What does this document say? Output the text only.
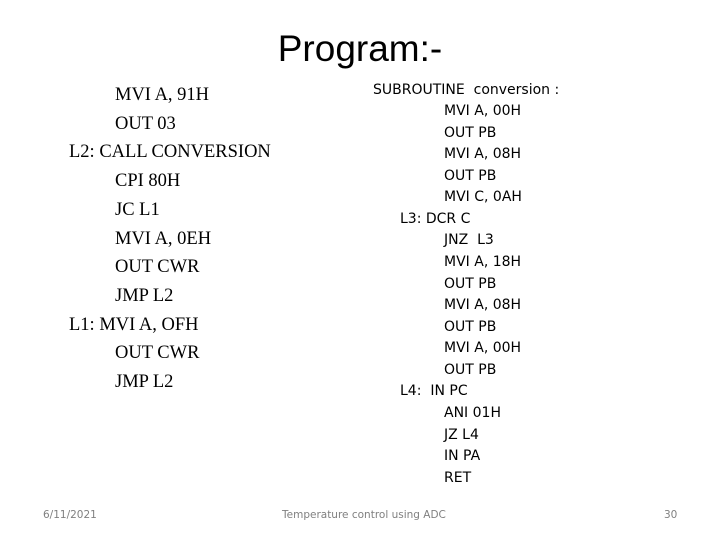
Program:-
MVI A, 91H
OUT 03
L2: CALL CONVERSION
CPI 80H
JC L1
MVI A, 0EH
OUT CWR
JMP L2
L1: MVI A, OFH
OUT CWR
JMP L2
SUBROUTINE  conversion :
MVI A, 00H
OUT PB
MVI A, 08H
OUT PB
MVI C, 0AH
L3: DCR C
JNZ  L3
MVI A, 18H
OUT PB
MVI A, 08H
OUT PB
MVI A, 00H
OUT PB
L4:  IN PC
ANI 01H
JZ L4
IN PA
RET
6/11/2021	Temperature control using ADC	30
